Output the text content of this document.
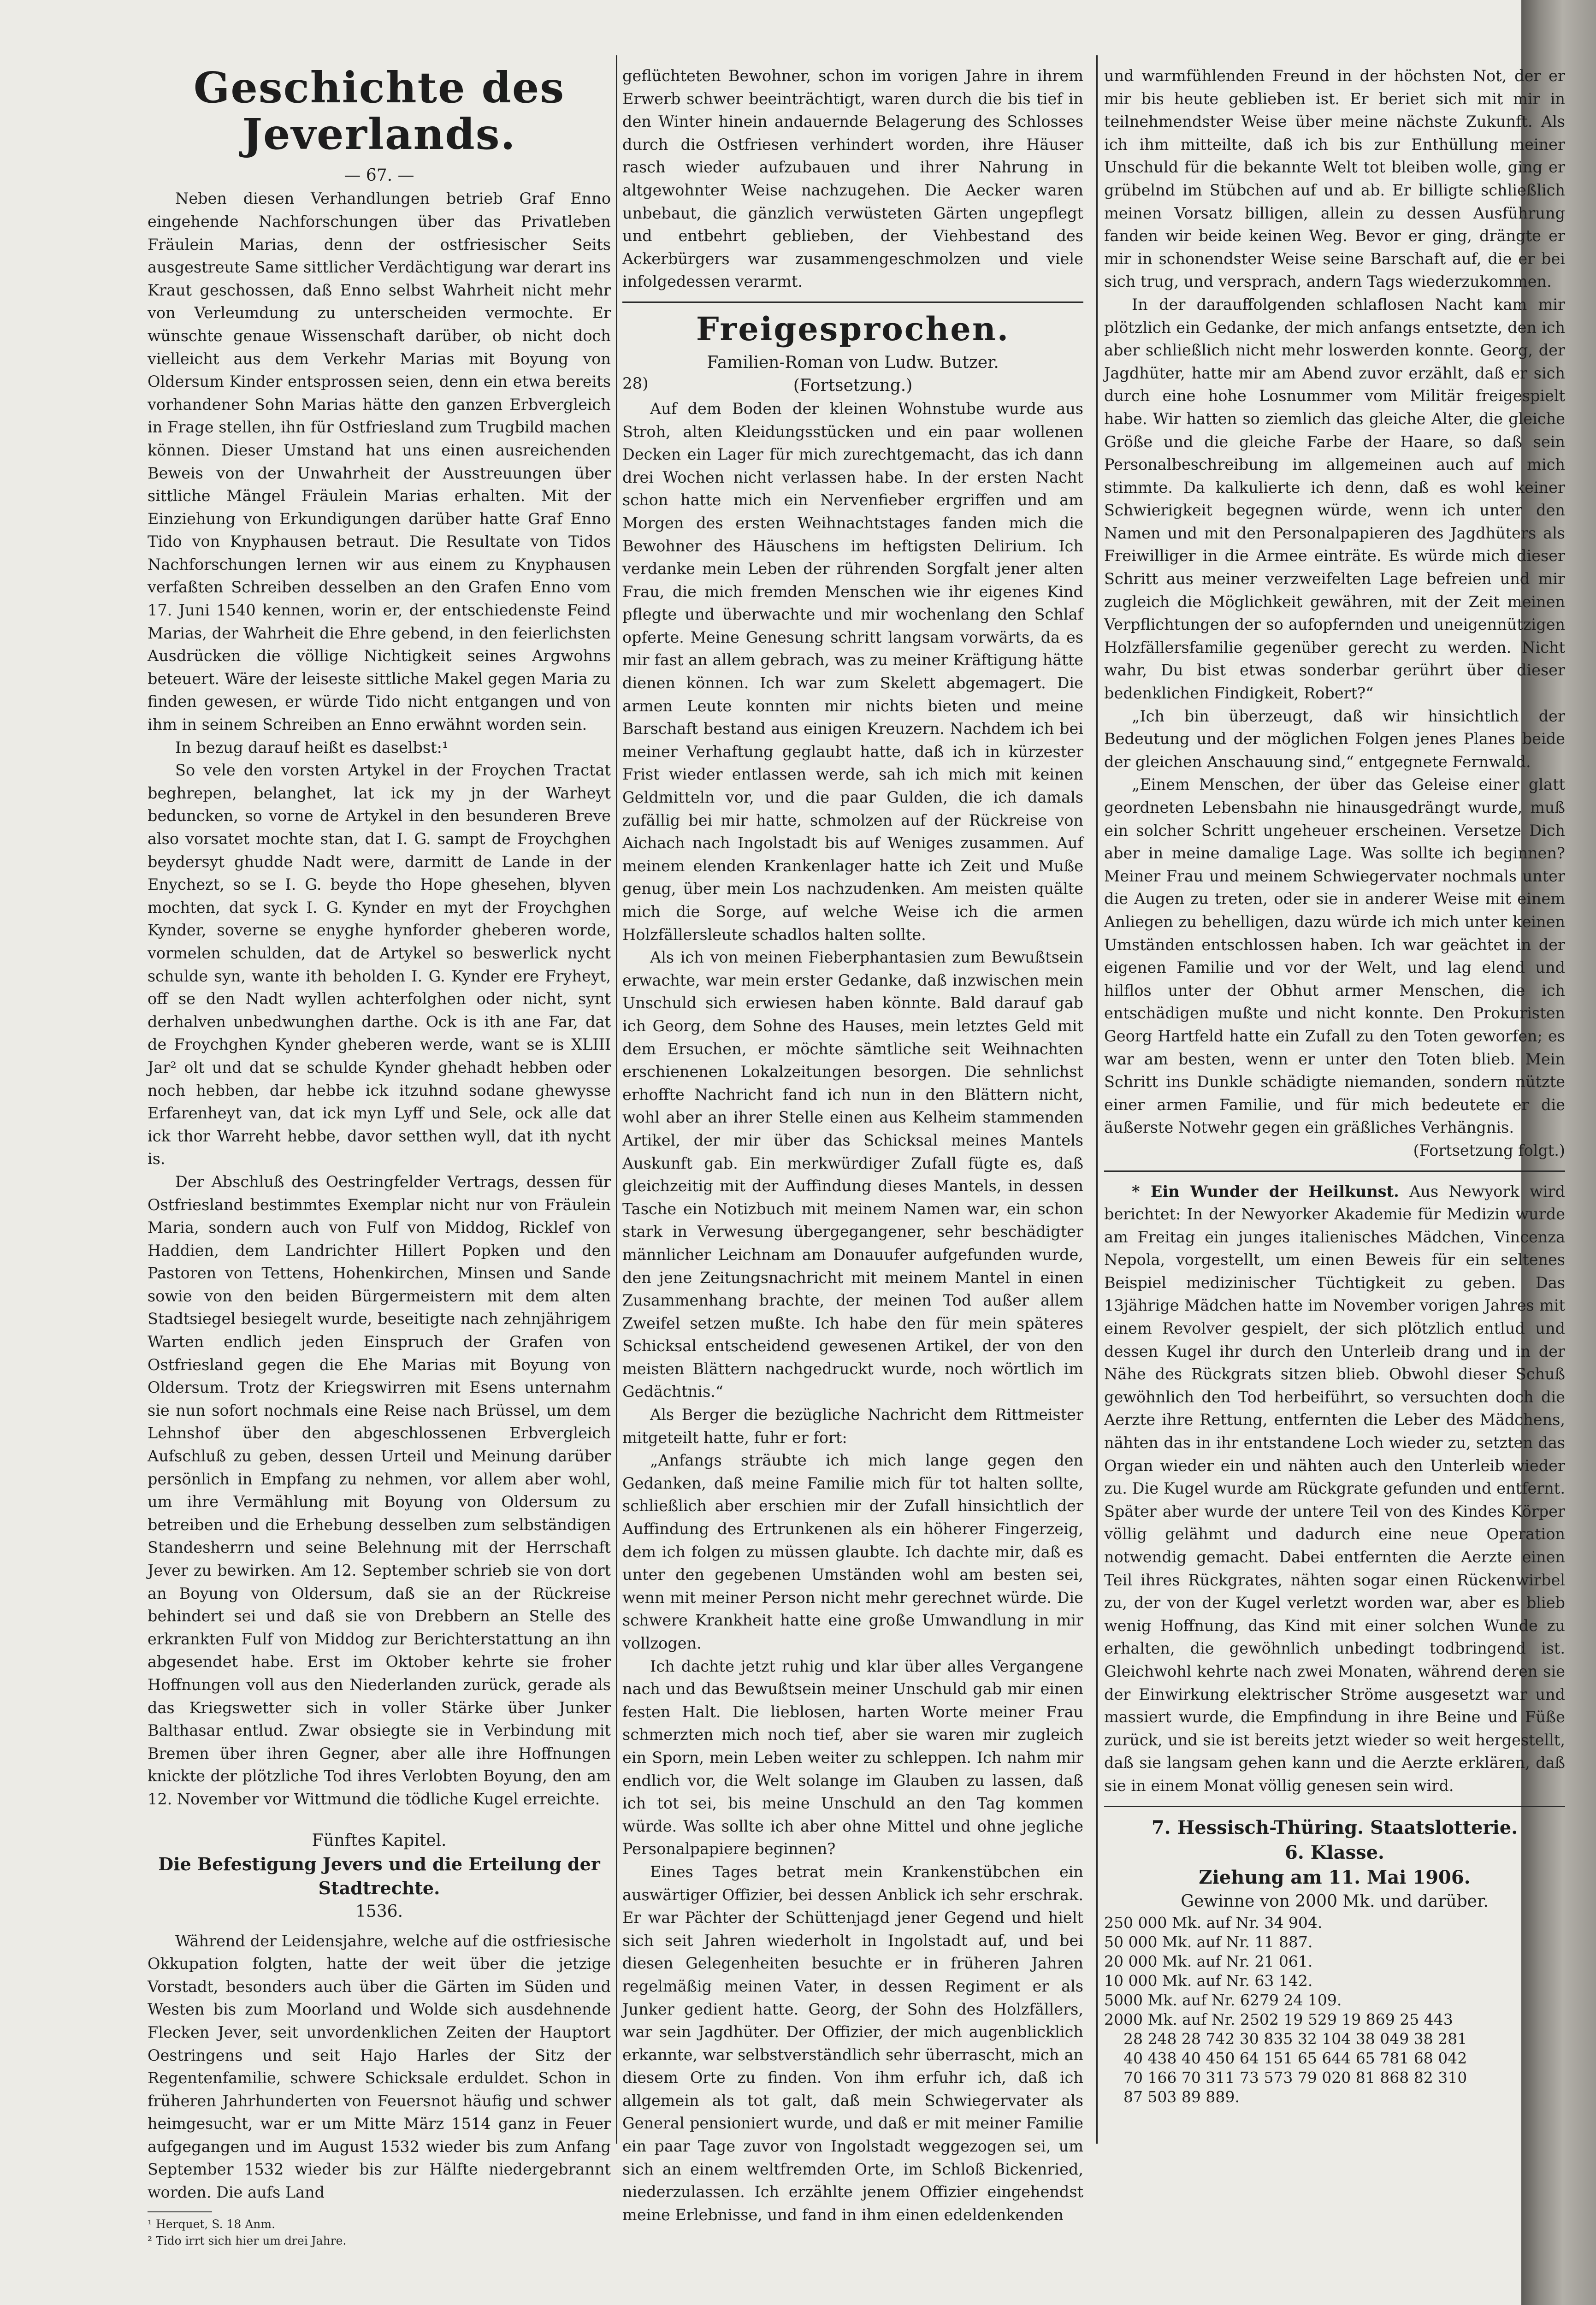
Geschichte des Jeverlands.
— 67. —

Neben diesen Verhandlungen betrieb Graf Enno eingehende Nachforschungen über das Privatleben Fräulein Marias, denn der ostfriesischer Seits ausgestreute Same sittlicher Verdächtigung war derart ins Kraut geschossen, daß Enno selbst Wahrheit nicht mehr von Verleumdung zu unterscheiden vermochte. Er wünschte genaue Wissenschaft darüber, ob nicht doch vielleicht aus dem Verkehr Marias mit Boyung von Oldersum Kinder entsprossen seien, denn ein etwa bereits vorhandener Sohn Marias hätte den ganzen Erbvergleich in Frage stellen, ihn für Ostfriesland zum Trugbild machen können. Dieser Umstand hat uns einen ausreichenden Beweis von der Unwahrheit der Ausstreuungen über sittliche Mängel Fräulein Marias erhalten. Mit der Einziehung von Erkundigungen darüber hatte Graf Enno Tido von Knyphausen betraut. Die Resultate von Tidos Nachforschungen lernen wir aus einem zu Knyphausen verfaßten Schreiben desselben an den Grafen Enno vom 17. Juni 1540 kennen, worin er, der entschiedenste Feind Marias, der Wahrheit die Ehre gebend, in den feierlichsten Ausdrücken die völlige Nichtigkeit seines Argwohns beteuert. Wäre der leiseste sittliche Makel gegen Maria zu finden gewesen, er würde Tido nicht entgangen und von ihm in seinem Schreiben an Enno erwähnt worden sein.

In bezug darauf heißt es daselbst:¹

So vele den vorsten Artykel in der Froychen Tractat beghrepen, belanghet, lat ick my jn der Warheyt beduncken, so vorne de Artykel in den besunderen Breve also vorsatet mochte stan, dat I. G. sampt de Froychghen beydersyt ghudde Nadt were, darmitt de Lande in der Enychezt, so se I. G. beyde tho Hope ghesehen, blyven mochten, dat syck I. G. Kynder en myt der Froychghen Kynder, soverne se enyghe hynforder gheberen worde, vormelen schulden, dat de Artykel so beswerlick nycht schulde syn, wante ith beholden I. G. Kynder ere Fryheyt, off se den Nadt wyllen achterfolghen oder nicht, synt derhalven unbedwunghen darthe. Ock is ith ane Far, dat de Froychghen Kynder gheberen werde, want se is XLIII Jar² olt und dat se schulde Kynder ghehadt hebben oder noch hebben, dar hebbe ick itzuhnd sodane ghewysse Erfarenheyt van, dat ick myn Lyff und Sele, ock alle dat ick thor Warreht hebbe, davor setthen wyll, dat ith nycht is.

Der Abschluß des Oestringfelder Vertrags, dessen für Ostfriesland bestimmtes Exemplar nicht nur von Fräulein Maria, sondern auch von Fulf von Middog, Ricklef von Haddien, dem Landrichter Hillert Popken und den Pastoren von Tettens, Hohenkirchen, Minsen und Sande sowie von den beiden Bürgermeistern mit dem alten Stadtsiegel besiegelt wurde, beseitigte nach zehnjährigem Warten endlich jeden Einspruch der Grafen von Ostfriesland gegen die Ehe Marias mit Boyung von Oldersum. Trotz der Kriegswirren mit Esens unternahm sie nun sofort nochmals eine Reise nach Brüssel, um dem Lehnshof über den abgeschlossenen Erbvergleich Aufschluß zu geben, dessen Urteil und Meinung darüber persönlich in Empfang zu nehmen, vor allem aber wohl, um ihre Vermählung mit Boyung von Oldersum zu betreiben und die Erhebung desselben zum selbständigen Standesherrn und seine Belehnung mit der Herrschaft Jever zu bewirken. Am 12. September schrieb sie von dort an Boyung von Oldersum, daß sie an der Rückreise behindert sei und daß sie von Drebbern an Stelle des erkrankten Fulf von Middog zur Berichterstattung an ihn abgesendet habe. Erst im Oktober kehrte sie froher Hoffnungen voll aus den Niederlanden zurück, gerade als das Kriegswetter sich in voller Stärke über Junker Balthasar entlud. Zwar obsiegte sie in Verbindung mit Bremen über ihren Gegner, aber alle ihre Hoffnungen knickte der plötzliche Tod ihres Verlobten Boyung, den am 12. November vor Wittmund die tödliche Kugel erreichte.

Fünftes Kapitel.
Die Befestigung Jevers und die Erteilung der Stadtrechte.
1536.

Während der Leidensjahre, welche auf die ostfriesische Okkupation folgten, hatte der weit über die jetzige Vorstadt, besonders auch über die Gärten im Süden und Westen bis zum Moorland und Wolde sich ausdehnende Flecken Jever, seit unvordenklichen Zeiten der Hauptort Oestringens und seit Hajo Harles der Sitz der Regentenfamilie, schwere Schicksale erduldet. Schon in früheren Jahrhunderten von Feuersnot häufig und schwer heimgesucht, war er um Mitte März 1514 ganz in Feuer aufgegangen und im August 1532 wieder bis zum Anfang September 1532 wieder bis zur Hälfte niedergebrannt worden. Die aufs Land

¹ Herquet, S. 18 Anm.

² Tido irrt sich hier um drei Jahre.

geflüchteten Bewohner, schon im vorigen Jahre in ihrem Erwerb schwer beeinträchtigt, waren durch die bis tief in den Winter hinein andauernde Belagerung des Schlosses durch die Ostfriesen verhindert worden, ihre Häuser rasch wieder aufzubauen und ihrer Nahrung in altgewohnter Weise nachzugehen. Die Aecker waren unbebaut, die gänzlich verwüsteten Gärten ungepflegt und entbehrt geblieben, der Viehbestand des Ackerbürgers war zusammengeschmolzen und viele infolgedessen verarmt.

Freigesprochen.
Familien-Roman von Ludw. Butzer.
28)	(Fortsetzung.)

Auf dem Boden der kleinen Wohnstube wurde aus Stroh, alten Kleidungsstücken und ein paar wollenen Decken ein Lager für mich zurechtgemacht, das ich dann drei Wochen nicht verlassen habe. In der ersten Nacht schon hatte mich ein Nervenfieber ergriffen und am Morgen des ersten Weihnachtstages fanden mich die Bewohner des Häuschens im heftigsten Delirium. Ich verdanke mein Leben der rührenden Sorgfalt jener alten Frau, die mich fremden Menschen wie ihr eigenes Kind pflegte und überwachte und mir wochenlang den Schlaf opferte. Meine Genesung schritt langsam vorwärts, da es mir fast an allem gebrach, was zu meiner Kräftigung hätte dienen können. Ich war zum Skelett abgemagert. Die armen Leute konnten mir nichts bieten und meine Barschaft bestand aus einigen Kreuzern. Nachdem ich bei meiner Verhaftung geglaubt hatte, daß ich in kürzester Frist wieder entlassen werde, sah ich mich mit keinen Geldmitteln vor, und die paar Gulden, die ich damals zufällig bei mir hatte, schmolzen auf der Rückreise von Aichach nach Ingolstadt bis auf Weniges zusammen. Auf meinem elenden Krankenlager hatte ich Zeit und Muße genug, über mein Los nachzudenken. Am meisten quälte mich die Sorge, auf welche Weise ich die armen Holzfällersleute schadlos halten sollte.

Als ich von meinen Fieberphantasien zum Bewußtsein erwachte, war mein erster Gedanke, daß inzwischen mein Unschuld sich erwiesen haben könnte. Bald darauf gab ich Georg, dem Sohne des Hauses, mein letztes Geld mit dem Ersuchen, er möchte sämtliche seit Weihnachten erschienenen Lokalzeitungen besorgen. Die sehnlichst erhoffte Nachricht fand ich nun in den Blättern nicht, wohl aber an ihrer Stelle einen aus Kelheim stammenden Artikel, der mir über das Schicksal meines Mantels Auskunft gab. Ein merkwürdiger Zufall fügte es, daß gleichzeitig mit der Auffindung dieses Mantels, in dessen Tasche ein Notizbuch mit meinem Namen war, ein schon stark in Verwesung übergegangener, sehr beschädigter männlicher Leichnam am Donauufer aufgefunden wurde, den jene Zeitungsnachricht mit meinem Mantel in einen Zusammenhang brachte, der meinen Tod außer allem Zweifel setzen mußte. Ich habe den für mein späteres Schicksal entscheidend gewesenen Artikel, der von den meisten Blättern nachgedruckt wurde, noch wörtlich im Gedächtnis.“

Als Berger die bezügliche Nachricht dem Rittmeister mitgeteilt hatte, fuhr er fort:

„Anfangs sträubte ich mich lange gegen den Gedanken, daß meine Familie mich für tot halten sollte, schließlich aber erschien mir der Zufall hinsichtlich der Auffindung des Ertrunkenen als ein höherer Fingerzeig, dem ich folgen zu müssen glaubte. Ich dachte mir, daß es unter den gegebenen Umständen wohl am besten sei, wenn mit meiner Person nicht mehr gerechnet würde. Die schwere Krankheit hatte eine große Umwandlung in mir vollzogen.

Ich dachte jetzt ruhig und klar über alles Vergangene nach und das Bewußtsein meiner Unschuld gab mir einen festen Halt. Die lieblosen, harten Worte meiner Frau schmerzten mich noch tief, aber sie waren mir zugleich ein Sporn, mein Leben weiter zu schleppen. Ich nahm mir endlich vor, die Welt solange im Glauben zu lassen, daß ich tot sei, bis meine Unschuld an den Tag kommen würde. Was sollte ich aber ohne Mittel und ohne jegliche Personalpapiere beginnen?

Eines Tages betrat mein Krankenstübchen ein auswärtiger Offizier, bei dessen Anblick ich sehr erschrak. Er war Pächter der Schüttenjagd jener Gegend und hielt sich seit Jahren wiederholt in Ingolstadt auf, und bei diesen Gelegenheiten besuchte er in früheren Jahren regelmäßig meinen Vater, in dessen Regiment er als Junker gedient hatte. Georg, der Sohn des Holzfällers, war sein Jagdhüter. Der Offizier, der mich augenblicklich erkannte, war selbstverständlich sehr überrascht, mich an diesem Orte zu finden. Von ihm erfuhr ich, daß ich allgemein als tot galt, daß mein Schwiegervater als General pensioniert wurde, und daß er mit meiner Familie ein paar Tage zuvor von Ingolstadt weggezogen sei, um sich an einem weltfremden Orte, im Schloß Bickenried, niederzulassen. Ich erzählte jenem Offizier eingehendst meine Erlebnisse, und fand in ihm einen edeldenkenden

und warmfühlenden Freund in der höchsten Not, der er mir bis heute geblieben ist. Er beriet sich mit mir in teilnehmendster Weise über meine nächste Zukunft. Als ich ihm mitteilte, daß ich bis zur Enthüllung meiner Unschuld für die bekannte Welt tot bleiben wolle, ging er grübelnd im Stübchen auf und ab. Er billigte schließlich meinen Vorsatz billigen, allein zu dessen Ausführung fanden wir beide keinen Weg. Bevor er ging, drängte er mir in schonendster Weise seine Barschaft auf, die er bei sich trug, und versprach, andern Tags wiederzukommen.

In der darauffolgenden schlaflosen Nacht kam mir plötzlich ein Gedanke, der mich anfangs entsetzte, den ich aber schließlich nicht mehr loswerden konnte. Georg, der Jagdhüter, hatte mir am Abend zuvor erzählt, daß er sich durch eine hohe Losnummer vom Militär freigespielt habe. Wir hatten so ziemlich das gleiche Alter, die gleiche Größe und die gleiche Farbe der Haare, so daß sein Personalbeschreibung im allgemeinen auch auf mich stimmte. Da kalkulierte ich denn, daß es wohl keiner Schwierigkeit begegnen würde, wenn ich unter den Namen und mit den Personalpapieren des Jagdhüters als Freiwilliger in die Armee einträte. Es würde mich dieser Schritt aus meiner verzweifelten Lage befreien und mir zugleich die Möglichkeit gewähren, mit der Zeit meinen Verpflichtungen der so aufopfernden und uneigennützigen Holzfällersfamilie gegenüber gerecht zu werden. Nicht wahr, Du bist etwas sonderbar gerührt über dieser bedenklichen Findigkeit, Robert?“

„Ich bin überzeugt, daß wir hinsichtlich der Bedeutung und der möglichen Folgen jenes Planes beide der gleichen Anschauung sind,“ entgegnete Fernwald.

„Einem Menschen, der über das Geleise einer glatt geordneten Lebensbahn nie hinausgedrängt wurde, muß ein solcher Schritt ungeheuer erscheinen. Versetze Dich aber in meine damalige Lage. Was sollte ich beginnen? Meiner Frau und meinem Schwiegervater nochmals unter die Augen zu treten, oder sie in anderer Weise mit einem Anliegen zu behelligen, dazu würde ich mich unter keinen Umständen entschlossen haben. Ich war geächtet in der eigenen Familie und vor der Welt, und lag elend und hilflos unter der Obhut armer Menschen, die ich entschädigen mußte und nicht konnte. Den Prokuristen Georg Hartfeld hatte ein Zufall zu den Toten geworfen; es war am besten, wenn er unter den Toten blieb. Mein Schritt ins Dunkle schädigte niemanden, sondern nützte einer armen Familie, und für mich bedeutete er die äußerste Notwehr gegen ein gräßliches Verhängnis.

(Fortsetzung folgt.)

* Ein Wunder der Heilkunst. Aus Newyork wird berichtet: In der Newyorker Akademie für Medizin wurde am Freitag ein junges italienisches Mädchen, Vincenza Nepola, vorgestellt, um einen Beweis für ein seltenes Beispiel medizinischer Tüchtigkeit zu geben. Das 13jährige Mädchen hatte im November vorigen Jahres mit einem Revolver gespielt, der sich plötzlich entlud und dessen Kugel ihr durch den Unterleib drang und in der Nähe des Rückgrats sitzen blieb. Obwohl dieser Schuß gewöhnlich den Tod herbeiführt, so versuchten doch die Aerzte ihre Rettung, entfernten die Leber des Mädchens, nähten das in ihr entstandene Loch wieder zu, setzten das Organ wieder ein und nähten auch den Unterleib wieder zu. Die Kugel wurde am Rückgrate gefunden und entfernt. Später aber wurde der untere Teil von des Kindes Körper völlig gelähmt und dadurch eine neue Operation notwendig gemacht. Dabei entfernten die Aerzte einen Teil ihres Rückgrates, nähten sogar einen Rückenwirbel zu, der von der Kugel verletzt worden war, aber es blieb wenig Hoffnung, das Kind mit einer solchen Wunde zu erhalten, die gewöhnlich unbedingt todbringend ist. Gleichwohl kehrte nach zwei Monaten, während deren sie der Einwirkung elektrischer Ströme ausgesetzt war und massiert wurde, die Empfindung in ihre Beine und Füße zurück, und sie ist bereits jetzt wieder so weit hergestellt, daß sie langsam gehen kann und die Aerzte erklären, daß sie in einem Monat völlig genesen sein wird.

7. Hessisch-Thüring. Staatslotterie.
6. Klasse.
Ziehung am 11. Mai 1906.
Gewinne von 2000 Mk. und darüber.

250 000 Mk. auf Nr. 34 904.

50 000 Mk. auf Nr. 11 887.

20 000 Mk. auf Nr. 21 061.

10 000 Mk. auf Nr. 63 142.

5000 Mk. auf Nr. 6279 24 109.

2000 Mk. auf Nr. 2502 19 529 19 869 25 443

28 248 28 742 30 835 32 104 38 049 38 281

40 438 40 450 64 151 65 644 65 781 68 042

70 166 70 311 73 573 79 020 81 868 82 310

87 503 89 889.
